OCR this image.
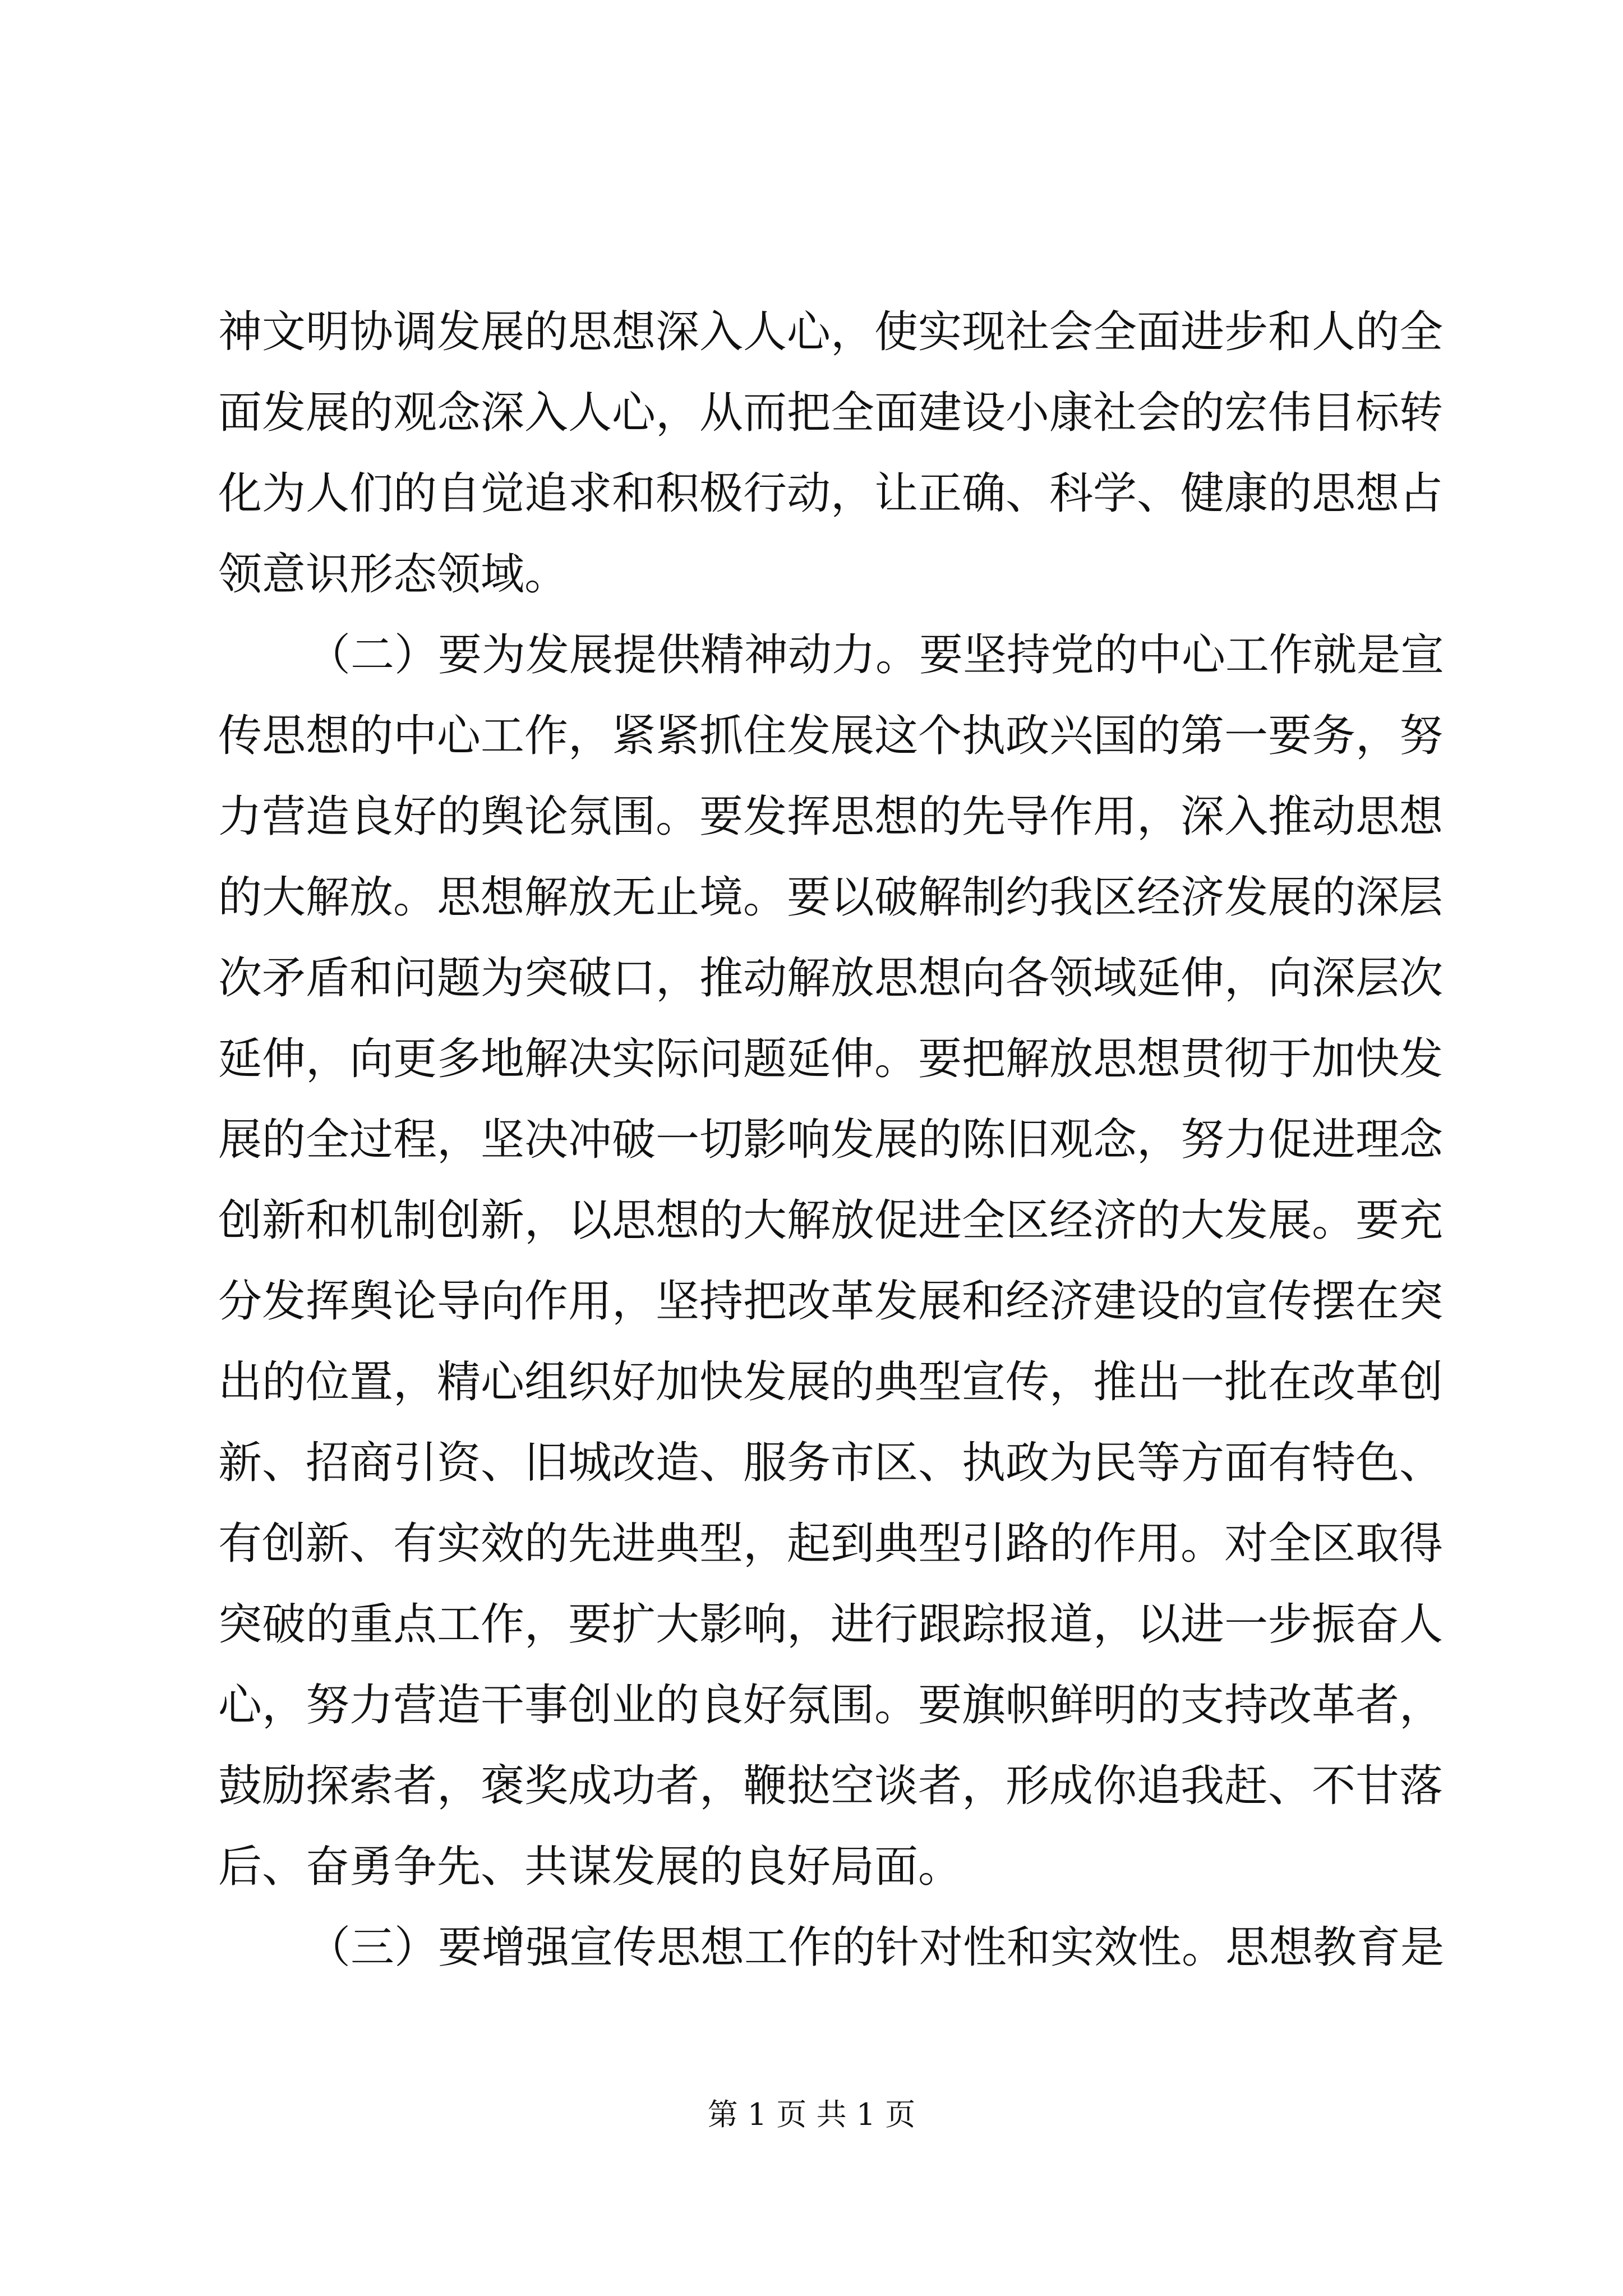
神文明协调发展的思想深入人心，使实现社会全面进步和人的全
面发展的观念深入人心，从而把全面建设小康社会的宏伟目标转
化为人们的自觉追求和积极行动，让正确、科学、健康的思想占
领意识形态领域。
（二）要为发展提供精神动力。要坚持党的中心工作就是宣
传思想的中心工作，紧紧抓住发展这个执政兴国的第一要务，努
力营造良好的舆论氛围。要发挥思想的先导作用，深入推动思想
的大解放。思想解放无止境。要以破解制约我区经济发展的深层
次矛盾和问题为突破口，推动解放思想向各领域延伸，向深层次
延伸，向更多地解决实际问题延伸。要把解放思想贯彻于加快发
展的全过程，坚决冲破一切影响发展的陈旧观念，努力促进理念
创新和机制创新，以思想的大解放促进全区经济的大发展。要充
分发挥舆论导向作用，坚持把改革发展和经济建设的宣传摆在突
出的位置，精心组织好加快发展的典型宣传，推出一批在改革创
新、招商引资、旧城改造、服务市区、执政为民等方面有特色、
有创新、有实效的先进典型，起到典型引路的作用。对全区取得
突破的重点工作，要扩大影响，进行跟踪报道，以进一步振奋人
心，努力营造干事创业的良好氛围。要旗帜鲜明的支持改革者，
鼓励探索者，褒奖成功者，鞭挞空谈者，形成你追我赶、不甘落
后、奋勇争先、共谋发展的良好局面。
（三）要增强宣传思想工作的针对性和实效性。思想教育是
第 1 页 共 1 页
